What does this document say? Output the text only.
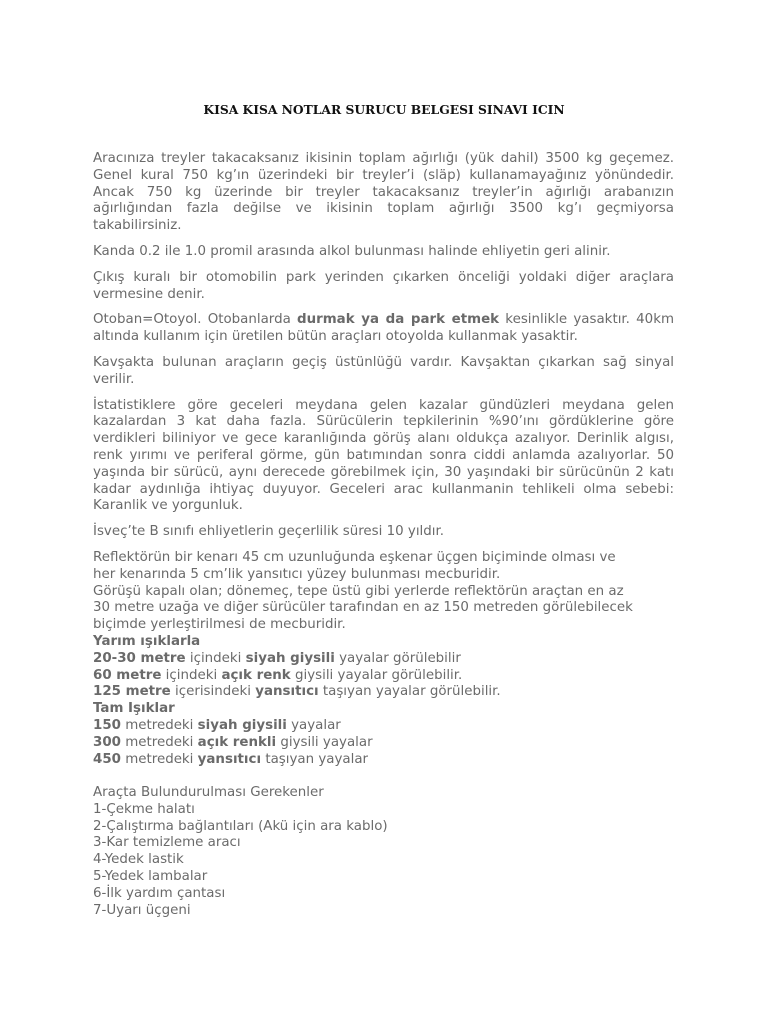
KISA KISA NOTLAR SURUCU BELGESI SINAVI ICIN

Aracınıza treyler takacaksanız ikisinin toplam ağırlığı (yük dahil) 3500 kg geçemez. Genel kural 750 kg’ın üzerindeki bir treyler’i (släp) kullanamayağınız yönündedir. Ancak 750 kg üzerinde bir treyler takacaksanız treyler’in ağırlığı arabanızın ağırlığından fazla değilse ve ikisinin toplam ağırlığı 3500 kg’ı geçmiyorsa takabilirsiniz.

Kanda 0.2 ile 1.0 promil arasında alkol bulunması halinde ehliyetin geri alinir.

Çıkış kuralı bir otomobilin park yerinden çıkarken önceliği yoldaki diğer araçlara vermesine denir.

Otoban=Otoyol. Otobanlarda durmak ya da park etmek kesinlikle yasaktır. 40km altında kullanım için üretilen bütün araçları otoyolda kullanmak yasaktir.

Kavşakta bulunan araçların geçiş üstünlüğü vardır. Kavşaktan çıkarkan sağ sinyal verilir.

İstatistiklere göre geceleri meydana gelen kazalar gündüzleri meydana gelen kazalardan 3 kat daha fazla. Sürücülerin tepkilerinin %90’ını gördüklerine göre verdikleri biliniyor ve gece karanlığında görüş alanı oldukça azalıyor. Derinlik algısı, renk yırımı ve periferal görme, gün batımından sonra ciddi anlamda azalıyorlar. 50 yaşında bir sürücü, aynı derecede görebilmek için, 30 yaşındaki bir sürücünün 2 katı kadar aydınlığa ihtiyaç duyuyor. Geceleri arac kullanmanin tehlikeli olma sebebi: Karanlik ve yorgunluk.

İsveç’te B sınıfı ehliyetlerin geçerlilik süresi 10 yıldır.

Reflektörün bir kenarı 45 cm uzunluğunda eşkenar üçgen biçiminde olması ve
her kenarında 5 cm’lik yansıtıcı yüzey bulunması mecburidir.
Görüşü kapalı olan; dönemeç, tepe üstü gibi yerlerde reflektörün araçtan en az
30 metre uzağa ve diğer sürücüler tarafından en az 150 metreden görülebilecek
biçimde yerleştirilmesi de mecburidir.
Yarım ışıklarla
20-30 metre içindeki siyah giysili yayalar görülebilir
60 metre içindeki açık renk giysili yayalar görülebilir.
125 metre içerisindeki yansıtıcı taşıyan yayalar görülebilir.
Tam Işıklar
150 metredeki siyah giysili yayalar
300 metredeki açık renkli giysili yayalar
450 metredeki yansıtıcı taşıyan yayalar
Araçta Bulundurulması Gerekenler
1-Çekme halatı
2-Çalıştırma bağlantıları (Akü için ara kablo)
3-Kar temizleme aracı
4-Yedek lastik
5-Yedek lambalar
6-İlk yardım çantası
7-Uyarı üçgeni
